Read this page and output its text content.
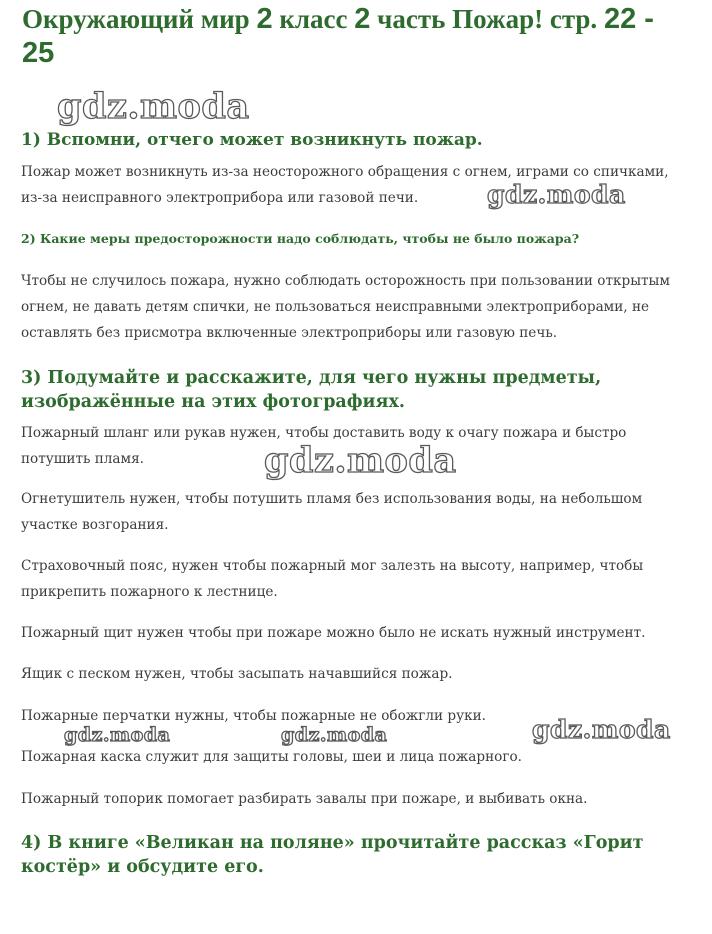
Окружающий мир 2 класс 2 часть Пожар! стр. 22 - 25
gdz.moda
gdz.moda
gdz.moda
gdz.moda	gdz.moda	gdz.moda
1) Вспомни, отчего может возникнуть пожар.

Пожар может возникнуть из-за неосторожного обращения с огнем, играми со спичками, из-за неисправного электроприбора или газовой печи.

2) Какие меры предосторожности надо соблюдать, чтобы не было пожара?

Чтобы не случилось пожара, нужно соблюдать осторожность при пользовании открытым огнем, не давать детям спички, не пользоваться неисправными электроприборами, не оставлять без присмотра включенные электроприборы или газовую печь.

3) Подумайте и расскажите, для чего нужны предметы, изображённые на этих фотографиях.

Пожарный шланг или рукав нужен, чтобы доставить воду к очагу пожара и быстро потушить пламя.

Огнетушитель нужен, чтобы потушить пламя без использования воды, на небольшом участке возгорания.

Страховочный пояс, нужен чтобы пожарный мог залезть на высоту, например, чтобы прикрепить пожарного к лестнице.

Пожарный щит нужен чтобы при пожаре можно было не искать нужный инструмент.

Ящик с песком нужен, чтобы засыпать начавшийся пожар.

Пожарные перчатки нужны, чтобы пожарные не обожгли руки.

Пожарная каска служит для защиты головы, шеи и лица пожарного.

Пожарный топорик помогает разбирать завалы при пожаре, и выбивать окна.

4) В книге «Великан на поляне» прочитайте рассказ «Горит костёр» и обсудите его.
